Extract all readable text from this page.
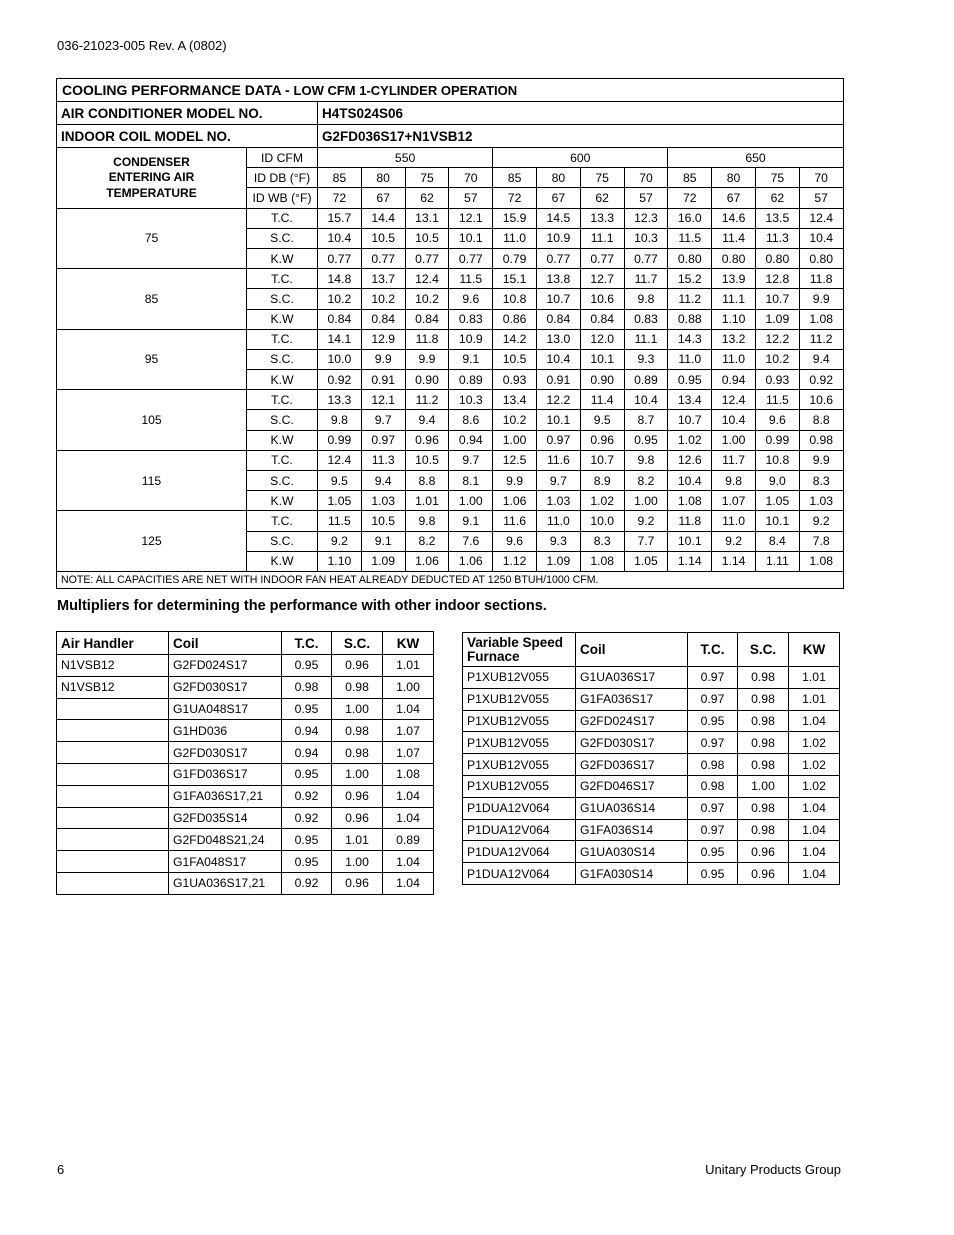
036-21023-005 Rev. A (0802)
COOLING PERFORMANCE DATA - LOW CFM 1-CYLINDER OPERATION													
AIR CONDITIONER MODEL NO.		H4TS024S06											
INDOOR COIL MODEL NO.		G2FD036S17+N1VSB12											
CONDENSER
ENTERING AIR
TEMPERATURE	ID CFM	550				600				650			
	ID DB (°F)	85	80	75	70	85	80	75	70	85	80	75	70
	ID WB (°F)	72	67	62	57	72	67	62	57	72	67	62	57
75	T.C.	15.7	14.4	13.1	12.1	15.9	14.5	13.3	12.3	16.0	14.6	13.5	12.4
	S.C.	10.4	10.5	10.5	10.1	11.0	10.9	11.1	10.3	11.5	11.4	11.3	10.4
	K.W	0.77	0.77	0.77	0.77	0.79	0.77	0.77	0.77	0.80	0.80	0.80	0.80
85	T.C.	14.8	13.7	12.4	11.5	15.1	13.8	12.7	11.7	15.2	13.9	12.8	11.8
	S.C.	10.2	10.2	10.2	9.6	10.8	10.7	10.6	9.8	11.2	11.1	10.7	9.9
	K.W	0.84	0.84	0.84	0.83	0.86	0.84	0.84	0.83	0.88	1.10	1.09	1.08
95	T.C.	14.1	12.9	11.8	10.9	14.2	13.0	12.0	11.1	14.3	13.2	12.2	11.2
	S.C.	10.0	9.9	9.9	9.1	10.5	10.4	10.1	9.3	11.0	11.0	10.2	9.4
	K.W	0.92	0.91	0.90	0.89	0.93	0.91	0.90	0.89	0.95	0.94	0.93	0.92
105	T.C.	13.3	12.1	11.2	10.3	13.4	12.2	11.4	10.4	13.4	12.4	11.5	10.6
	S.C.	9.8	9.7	9.4	8.6	10.2	10.1	9.5	8.7	10.7	10.4	9.6	8.8
	K.W	0.99	0.97	0.96	0.94	1.00	0.97	0.96	0.95	1.02	1.00	0.99	0.98
115	T.C.	12.4	11.3	10.5	9.7	12.5	11.6	10.7	9.8	12.6	11.7	10.8	9.9
	S.C.	9.5	9.4	8.8	8.1	9.9	9.7	8.9	8.2	10.4	9.8	9.0	8.3
	K.W	1.05	1.03	1.01	1.00	1.06	1.03	1.02	1.00	1.08	1.07	1.05	1.03
125	T.C.	11.5	10.5	9.8	9.1	11.6	11.0	10.0	9.2	11.8	11.0	10.1	9.2
	S.C.	9.2	9.1	8.2	7.6	9.6	9.3	8.3	7.7	10.1	9.2	8.4	7.8
	K.W	1.10	1.09	1.06	1.06	1.12	1.09	1.08	1.05	1.14	1.14	1.11	1.08
NOTE: ALL CAPACITIES ARE NET WITH INDOOR FAN HEAT ALREADY DEDUCTED AT 1250 BTUH/1000 CFM.													
Multipliers for determining the performance with other indoor sections.
Air Handler	Coil	T.C.	S.C.	KW
N1VSB12	G2FD024S17	0.95	0.96	1.01
N1VSB12	G2FD030S17	0.98	0.98	1.00
	G1UA048S17	0.95	1.00	1.04
	G1HD036	0.94	0.98	1.07
	G2FD030S17	0.94	0.98	1.07
	G1FD036S17	0.95	1.00	1.08
	G1FA036S17,21	0.92	0.96	1.04
	G2FD035S14	0.92	0.96	1.04
	G2FD048S21,24	0.95	1.01	0.89
	G1FA048S17	0.95	1.00	1.04
	G1UA036S17,21	0.92	0.96	1.04
Variable Speed Furnace	Coil	T.C.	S.C.	KW
P1XUB12V055	G1UA036S17	0.97	0.98	1.01
P1XUB12V055	G1FA036S17	0.97	0.98	1.01
P1XUB12V055	G2FD024S17	0.95	0.98	1.04
P1XUB12V055	G2FD030S17	0.97	0.98	1.02
P1XUB12V055	G2FD036S17	0.98	0.98	1.02
P1XUB12V055	G2FD046S17	0.98	1.00	1.02
P1DUA12V064	G1UA036S14	0.97	0.98	1.04
P1DUA12V064	G1FA036S14	0.97	0.98	1.04
P1DUA12V064	G1UA030S14	0.95	0.96	1.04
P1DUA12V064	G1FA030S14	0.95	0.96	1.04
6	Unitary Products Group
